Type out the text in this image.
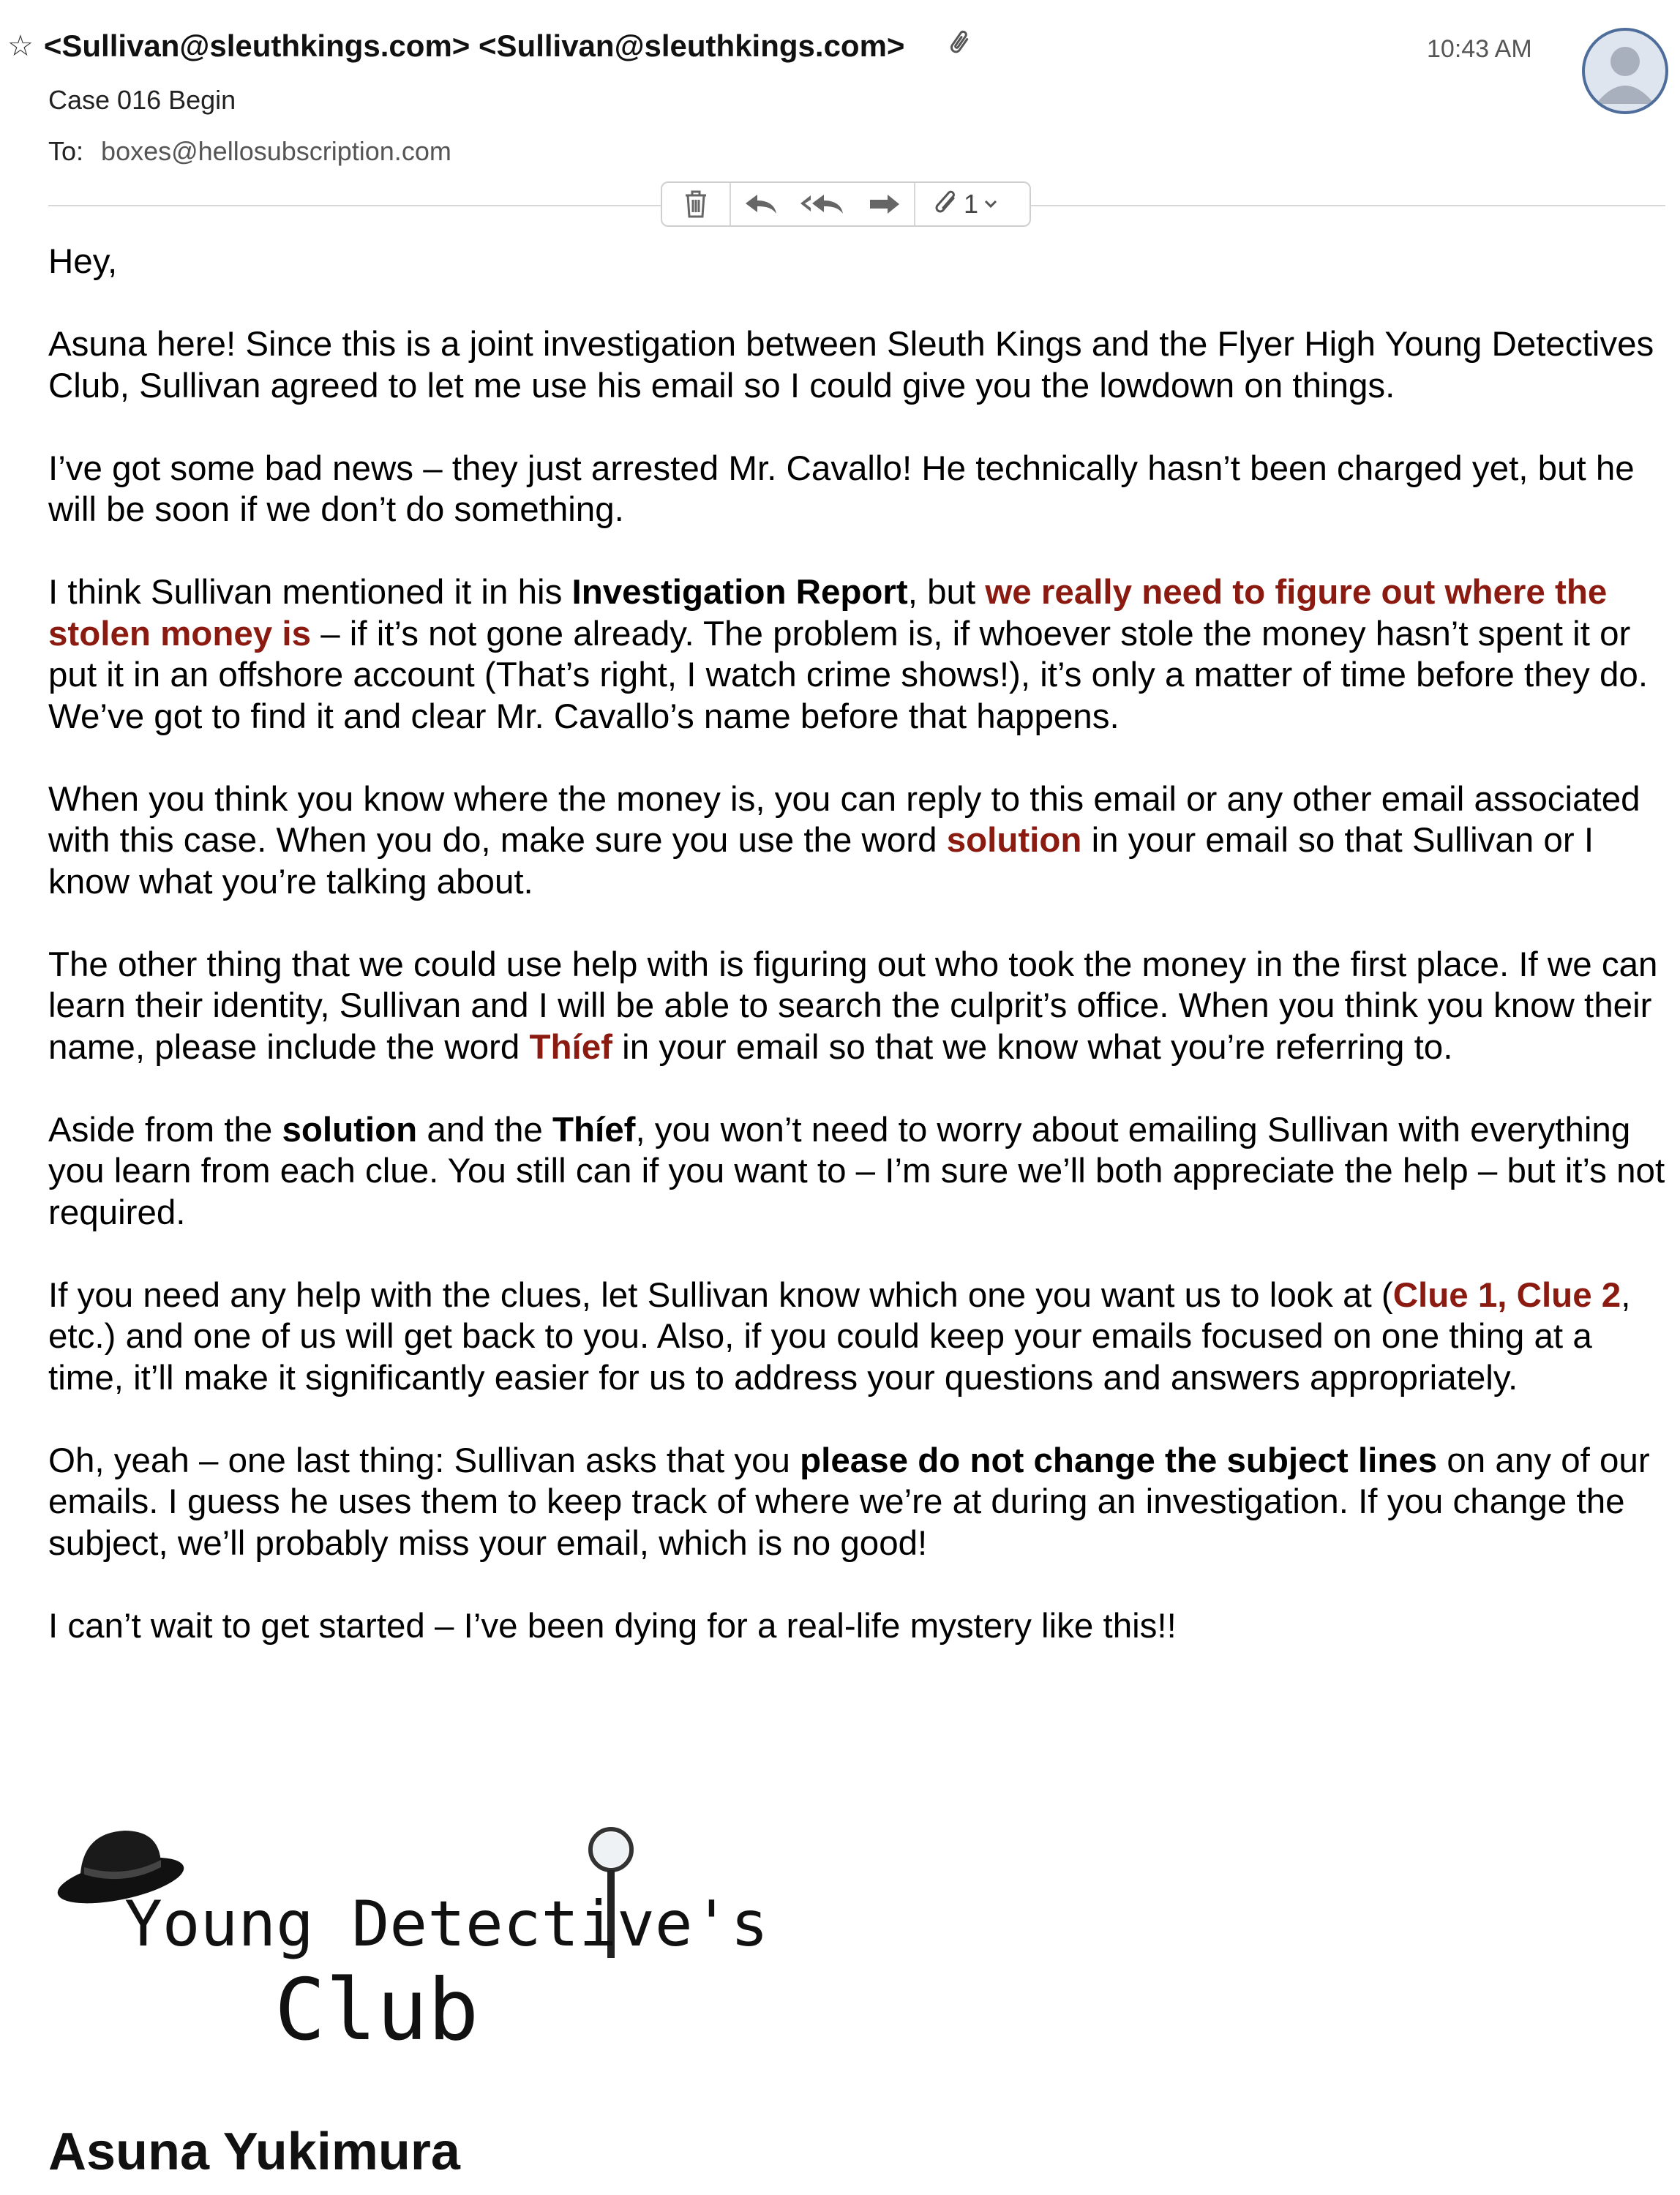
☆ <Sullivan@sleuthkings.com> <Sullivan@sleuthkings.com>	10:43 AM
Case 016 Begin
To: boxes@hellosubscription.com
1

Hey,

Asuna here! Since this is a joint investigation between Sleuth Kings and the Flyer High Young Detectives Club, Sullivan agreed to let me use his email so I could give you the lowdown on things.

I’ve got some bad news – they just arrested Mr. Cavallo! He technically hasn’t been charged yet, but he will be soon if we don’t do something.

I think Sullivan mentioned it in his Investigation Report, but we really need to figure out where the stolen money is – if it’s not gone already. The problem is, if whoever stole the money hasn’t spent it or put it in an offshore account (That’s right, I watch crime shows!), it’s only a matter of time before they do. We’ve got to find it and clear Mr. Cavallo’s name before that happens.

When you think you know where the money is, you can reply to this email or any other email associated with this case. When you do, make sure you use the word solution in your email so that Sullivan or I know what you’re talking about.

The other thing that we could use help with is figuring out who took the money in the first place. If we can learn their identity, Sullivan and I will be able to search the culprit’s office. When you think you know their name, please include the word Thíef in your email so that we know what you’re referring to.

Aside from the solution and the Thíef, you won’t need to worry about emailing Sullivan with everything you learn from each clue. You still can if you want to – I’m sure we’ll both appreciate the help – but it’s not required.

If you need any help with the clues, let Sullivan know which one you want us to look at (Clue 1, Clue 2, etc.) and one of us will get back to you. Also, if you could keep your emails focused on one thing at a time, it’ll make it significantly easier for us to address your questions and answers appropriately.

Oh, yeah – one last thing: Sullivan asks that you please do not change the subject lines on any of our emails. I guess he uses them to keep track of where we’re at during an investigation. If you change the subject, we’ll probably miss your email, which is no good!

I can’t wait to get started – I’ve been dying for a real-life mystery like this!!

Young Detective's
Club
Asuna Yukimura
